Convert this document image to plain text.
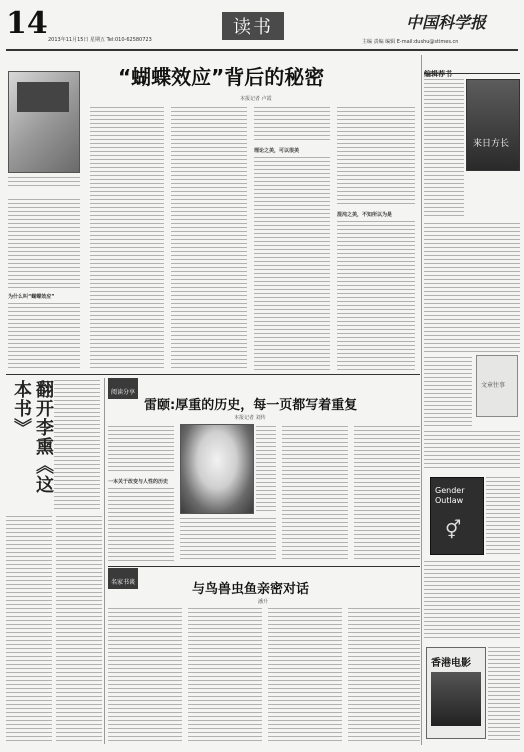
14 2013年11月15日 星期五 Tel:010-62580723
读书	中国科学报
主编 责编 编辑 E-mail:dushu@stimes.cn
为什么叫“蝴蝶效应”
“蝴蝶效应”背后的秘密
本报记者 卢霞
理论之美，可以很美
混沌之美，不知所以为是
编辑荐书
来日方长
文章往事
Gender Outlaw
⚥
香港电影
翻开李熏《这本书》	阅读分享
雷颐:厚重的历史，每一页都写着重复
本报记者 刘传
一本关于改变与人性的历史
名家书谈	与鸟兽虫鱼亲密对话
潘升
